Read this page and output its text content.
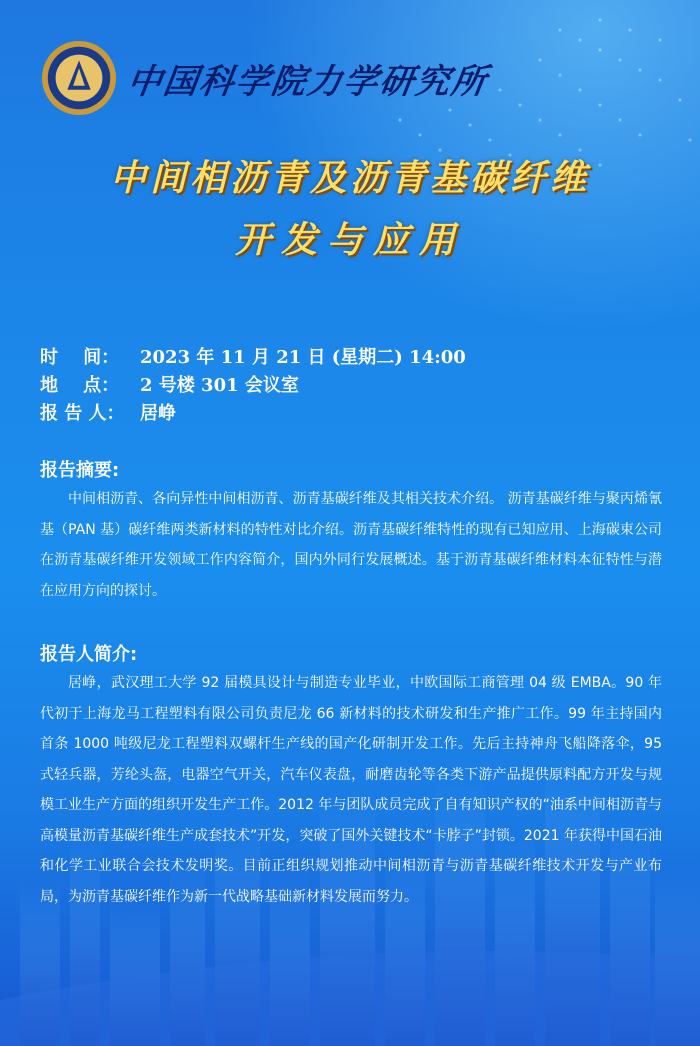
中国科学院力学研究所
中间相沥青及沥青基碳纤维
开发与应用
时    间：	2023 年 11 月 21 日 (星期二) 14:00
地    点：	2 号楼 301 会议室
报 告 人： 居峥
报告摘要:
中间相沥青、各向异性中间相沥青、沥青基碳纤维及其相关技术介绍。 沥青基碳纤维与聚丙烯氰基（PAN 基）碳纤维两类新材料的特性对比介绍。沥青基碳纤维特性的现有已知应用、上海碳束公司在沥青基碳纤维开发领域工作内容简介，国内外同行发展概述。基于沥青基碳纤维材料本征特性与潜在应用方向的探讨。
报告人简介:
居峥，武汉理工大学 92 届模具设计与制造专业毕业，中欧国际工商管理 04 级 EMBA。90 年代初于上海龙马工程塑料有限公司负责尼龙 66 新材料的技术研发和生产推广工作。99 年主持国内首条 1000 吨级尼龙工程塑料双螺杆生产线的国产化研制开发工作。先后主持神舟飞船降落伞，95 式轻兵器，芳纶头盔，电器空气开关，汽车仪表盘，耐磨齿轮等各类下游产品提供原料配方开发与规模工业生产方面的组织开发生产工作。2012 年与团队成员完成了自有知识产权的“油系中间相沥青与高模量沥青基碳纤维生产成套技术”开发，突破了国外关键技术“卡脖子”封锁。2021 年获得中国石油和化学工业联合会技术发明奖。目前正组织规划推动中间相沥青与沥青基碳纤维技术开发与产业布局，为沥青基碳纤维作为新一代战略基础新材料发展而努力。
